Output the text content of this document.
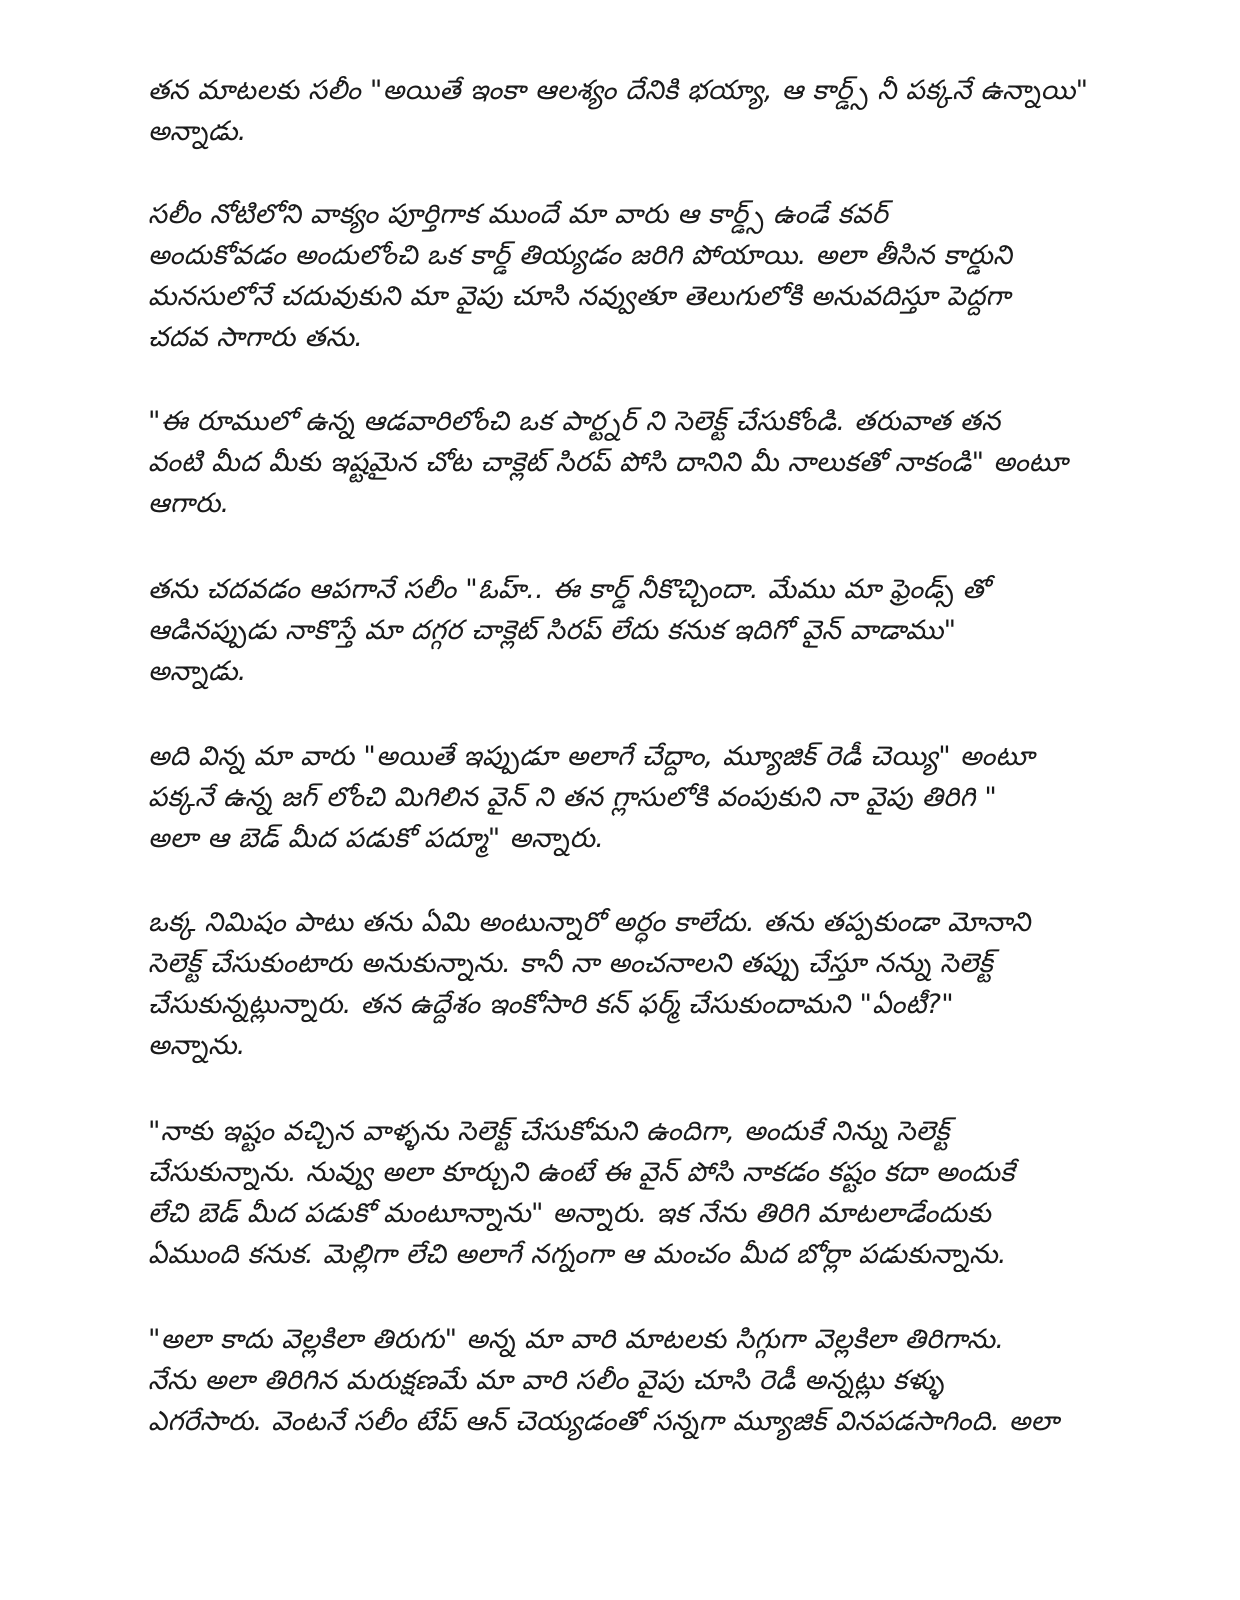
తన మాటలకు సలీం "అయితే ఇంకా ఆలశ్యం దేనికి భయ్యా, ఆ కార్డ్స్ నీ పక్కనే ఉన్నాయి"
అన్నాడు.
సలీం నోటిలోని వాక్యం పూర్తిగాక ముందే మా వారు ఆ కార్డ్స్ ఉండే కవర్
అందుకోవడం అందులోంచి ఒక కార్డ్ తియ్యడం జరిగి పోయాయి. అలా తీసిన కార్డుని
మనసులోనే చదువుకుని మా వైపు చూసి నవ్వుతూ తెలుగులోకి అనువదిస్తూ పెద్దగా
చదవ సాగారు తను.
"ఈ రూములో ఉన్న ఆడవారిలోంచి ఒక పార్ట్నర్ ని సెలెక్ట్ చేసుకోండి. తరువాత తన
వంటి మీద మీకు ఇష్టమైన చోట చాక్లెట్ సిరప్ పోసి దానిని మీ నాలుకతో నాకండి" అంటూ
ఆగారు.
తను చదవడం ఆపగానే సలీం "ఓహ్.. ఈ కార్డ్ నీకొచ్చిందా. మేము మా ఫ్రెండ్స్ తో
ఆడినప్పుడు నాకొస్తే మా దగ్గర చాక్లెట్ సిరప్ లేదు కనుక ఇదిగో వైన్ వాడాము"
అన్నాడు.
అది విన్న మా వారు "అయితే ఇప్పుడూ అలాగే చేద్దాం, మ్యూజిక్ రెడీ చెయ్యి" అంటూ
పక్కనే ఉన్న జగ్ లోంచి మిగిలిన వైన్ ని తన గ్లాసులోకి వంపుకుని నా వైపు తిరిగి "
అలా ఆ బెడ్ మీద పడుకో పద్మూ" అన్నారు.
ఒక్క నిమిషం పాటు తను ఏమి అంటున్నారో అర్ధం కాలేదు. తను తప్పకుండా మోనాని
సెలెక్ట్ చేసుకుంటారు అనుకున్నాను. కానీ నా అంచనాలని తప్పు చేస్తూ నన్ను సెలెక్ట్
చేసుకున్నట్లున్నారు. తన ఉద్దేశం ఇంకోసారి కన్ ఫర్మ్ చేసుకుందామని "ఏంటీ?"
అన్నాను.
"నాకు ఇష్టం వచ్చిన వాళ్ళను సెలెక్ట్ చేసుకోమని ఉందిగా, అందుకే నిన్ను సెలెక్ట్
చేసుకున్నాను. నువ్వు అలా కూర్చుని ఉంటే ఈ వైన్ పోసి నాకడం కష్టం కదా అందుకే
లేచి బెడ్ మీద పడుకో మంటూన్నాను" అన్నారు. ఇక నేను తిరిగి మాటలాడేందుకు
ఏముంది కనుక. మెల్లిగా లేచి అలాగే నగ్నంగా ఆ మంచం మీద బోర్లా పడుకున్నాను.
"అలా కాదు వెల్లకిలా తిరుగు" అన్న మా వారి మాటలకు సిగ్గుగా వెల్లకిలా తిరిగాను.
నేను అలా తిరిగిన మరుక్షణమే మా వారి సలీం వైపు చూసి రెడీ అన్నట్లు కళ్ళు
ఎగరేసారు. వెంటనే సలీం టేప్ ఆన్ చెయ్యడంతో సన్నగా మ్యూజిక్ వినపడసాగింది. అలా
